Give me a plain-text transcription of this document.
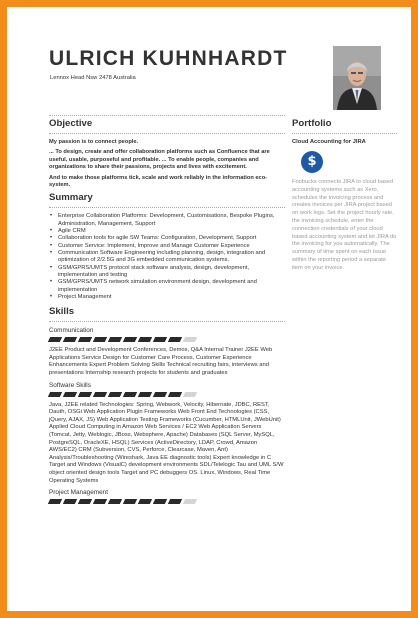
ULRICH KUHNHARDT
Lennox Head Nsw 2478 Australia
Objective

My passion is to connect people.

... To design, create and offer collaboration platforms such as Confluence that are useful, usable, purposeful and profitable. ... To enable people, companies and organizations to share their passions, projects and lives with excitement.

And to make those platforms tick, scale and work reliably in the information eco-system.

Summary
• Enterprise Collaboration Platforms: Development, Customisations, Bespoke Plugins, Administration, Management, Support
• Agile CRM
• Collaboration tools for agile SW Teams: Configuration, Development, Support
• Customer Service: Implement, Improve and Manage Customer Experience
• Communication Software Engineering including planning, design, integration and optimization of 2/2.5G and 3G embedded communication systems.
• GSM/GPRS/UMTS protocol stack software analysis, design, development, implementation and testing
• GSM/GPRS/UMTS network simulation environment design, development and implementation
• Project Management
Skills
Communication
J2EE Product and Development Conferences, Demos, Q&A Internal Trainer J2EE Web Applications Service Design for Customer Care Process, Customer Experience Enhancements Expert Problem Solving Skills Technical recruiting fairs, interviews and presentations Internship research projects for students and graduates
Software Skills
Java, J2EE related Technologies: Spring, Webwork, Velocity, Hibernate, JDBC, REST, Dauth, OSGi Web Application Plugin Frameworks Web Front End Technologies (CSS, jQuery, AJAX, JS) Web Application Testing Frameworks (Cucumber, HTMLUnit, JWebUnit) Applied Cloud Computing in Amazon Web Services / EC2 Web Application Servers (Tomcat, Jetty, Weblogic, JBoss, Websphere, Apache) Databases (SQL Server, MySQL, PostgreSQL, OracleXE, HSQL) Services (ActiveDirectory, LDAP, Crowd, Amazon AWS/EC2) CRM (Subversion, CVS, Perforce, Clearcase, Maven, Ant) Analysis/Troubleshooting (Wireshark, Java EE diagnostic tools) Expert knowledge in C Target and Windows (VisualC) development environments SDL/Telelogic Tau and UML S/W object oriented design tools Target and PC debuggers OS. Linux, Windows, Real Time Operating Systems
Project Management
Portfolio
Cloud Accounting for JIRA
$
Foobucks connects JIRA to cloud based accounting systems such as Xero, schedules the invoicing process and creates invoices per JIRA project based on work logs. Set the project hourly rate, the invoicing schedule, enter the connection credentials of your cloud based accounting system and let JIRA do the invoicing for you automatically. The summary of time spent on each issue within the reporting period a separate item on your invoice.
